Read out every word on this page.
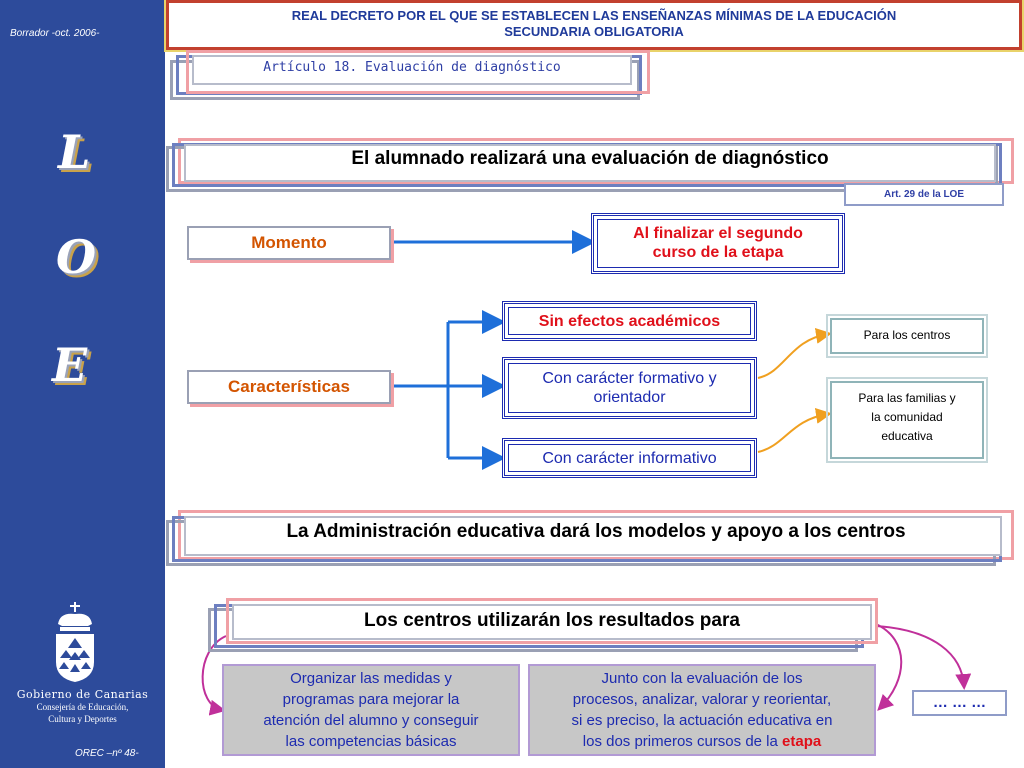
Borrador -oct. 2006-
L
O
E
Gobierno de Canarias
Consejería de Educación,
Cultura y Deportes
OREC –nº 48-
REAL DECRETO POR EL QUE SE ESTABLECEN LAS ENSEÑANZAS MÍNIMAS DE LA EDUCACIÓN
SECUNDARIA OBLIGATORIA
Artículo 18. Evaluación de diagnóstico
El alumnado realizará una evaluación de diagnóstico
Art. 29 de la LOE
Momento	Al finalizar el segundo
curso de la etapa
Características
Sin efectos académicos
Con carácter formativo y
orientador
Con carácter informativo
Para los centros
Para las familias y
la comunidad
educativa
La Administración educativa dará los modelos y apoyo a los centros
Los centros utilizarán los resultados para
Organizar las medidas y
programas para mejorar la
atención del alumno y conseguir
las competencias básicas
Junto con la evaluación de los
procesos, analizar, valorar y reorientar,
si es preciso, la actuación educativa en
los dos primeros cursos de la etapa
… … …
